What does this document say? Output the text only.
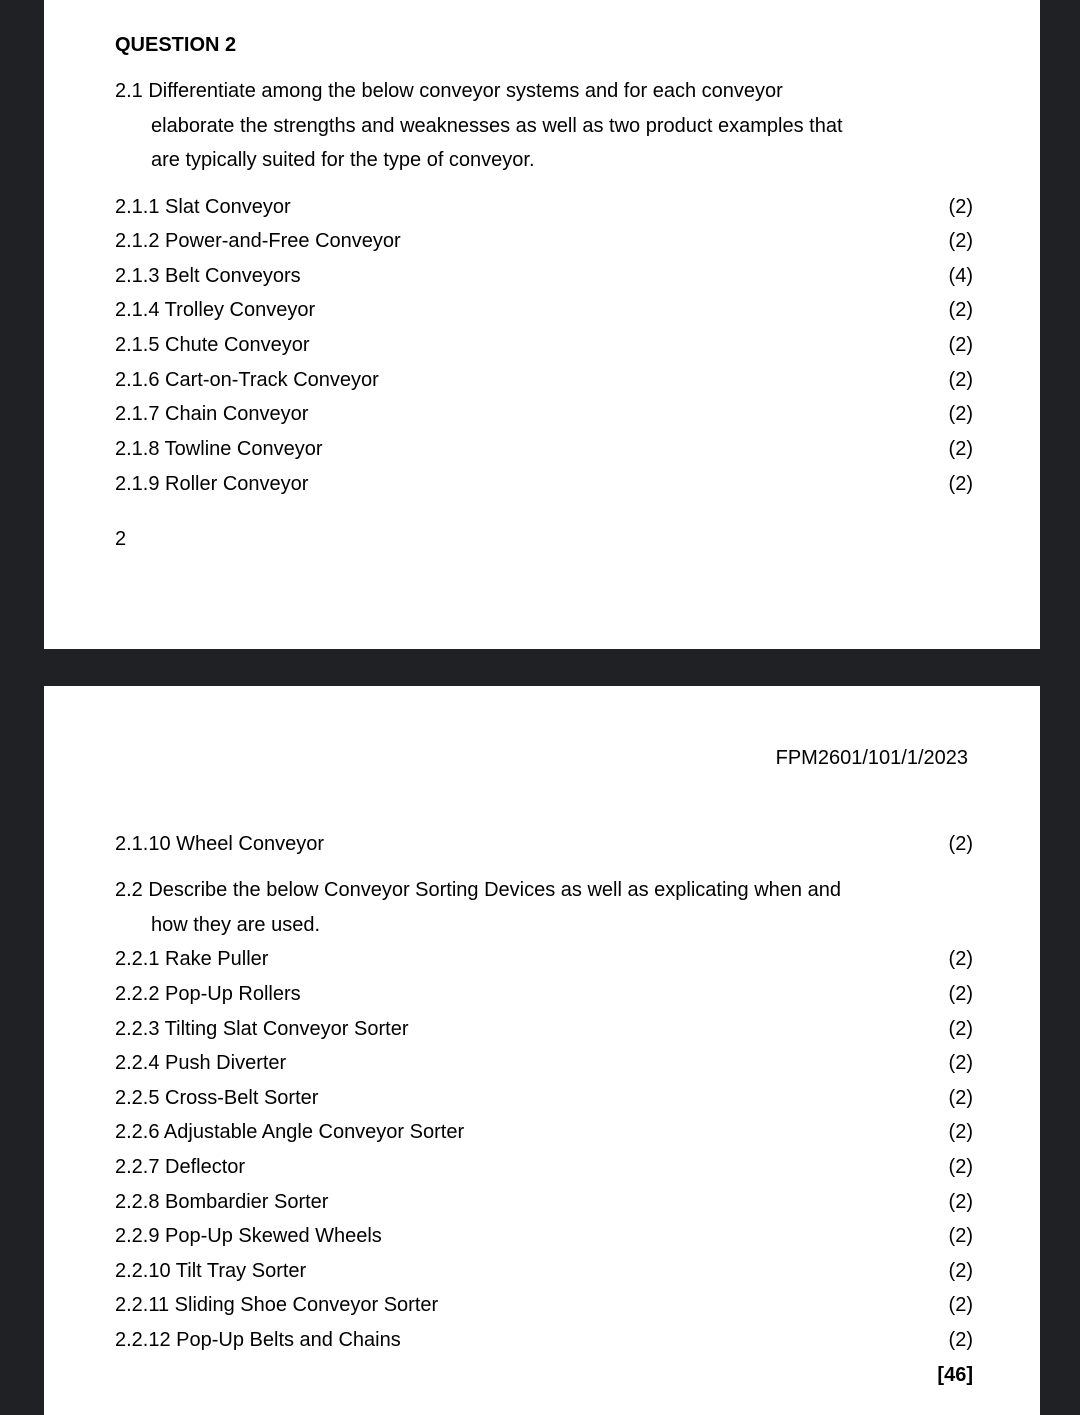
QUESTION 2
2.1 Differentiate among the below conveyor systems and for each conveyor
elaborate the strengths and weaknesses as well as two product examples that
are typically suited for the type of conveyor.
2.1.1 Slat Conveyor	(2)
2.1.2 Power-and-Free Conveyor	(2)
2.1.3 Belt Conveyors	(4)
2.1.4 Trolley Conveyor	(2)
2.1.5 Chute Conveyor	(2)
2.1.6 Cart-on-Track Conveyor	(2)
2.1.7 Chain Conveyor	(2)
2.1.8 Towline Conveyor	(2)
2.1.9 Roller Conveyor	(2)
2
FPM2601/101/1/2023
2.1.10 Wheel Conveyor	(2)
2.2 Describe the below Conveyor Sorting Devices as well as explicating when and
how they are used.
2.2.1 Rake Puller	(2)
2.2.2 Pop-Up Rollers	(2)
2.2.3 Tilting Slat Conveyor Sorter	(2)
2.2.4 Push Diverter	(2)
2.2.5 Cross-Belt Sorter	(2)
2.2.6 Adjustable Angle Conveyor Sorter	(2)
2.2.7 Deflector	(2)
2.2.8 Bombardier Sorter	(2)
2.2.9 Pop-Up Skewed Wheels	(2)
2.2.10 Tilt Tray Sorter	(2)
2.2.11 Sliding Shoe Conveyor Sorter	(2)
2.2.12 Pop-Up Belts and Chains	(2)
[46]
